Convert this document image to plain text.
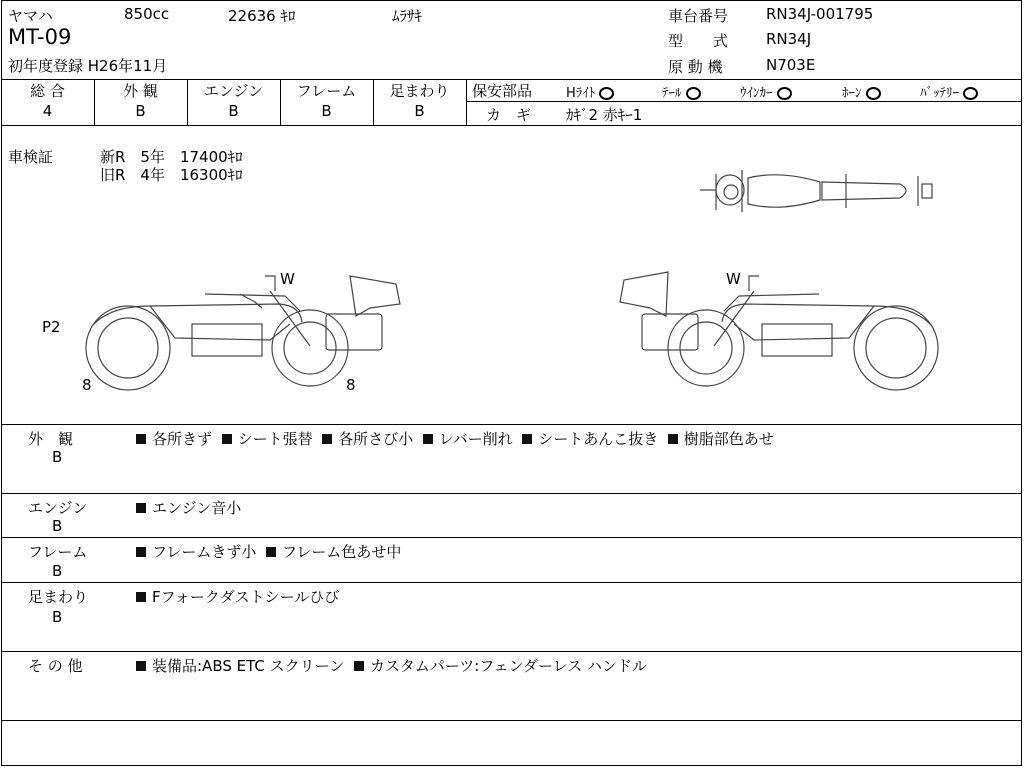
ヤマハ	850cc	22636 ｷﾛ	ﾑﾗｻｷ
MT-09
初年度登録 H26年11月
車台番号	RN34J-001795
型　　式	RN34J
原 動 機	N703E
総 合
4
外 観
B
エンジン
B
フレーム
B
足まわり
B
保安部品	Hﾗｲﾄ	ﾃｰﾙ	ｳｲﾝｶｰ	ﾎｰﾝ	ﾊﾞｯﾃﾘｰ
カ　ギ ｶｷﾞ2 赤ｷｰ1
車検証	新R　5年　17400ｷﾛ
旧R　4年　16300ｷﾛ
W
P2
8	8
W
外　観
B
各所きず シート張替 各所さび小 レバー削れ シートあんこ抜き 樹脂部色あせ
エンジン
B
エンジン音小
フレーム
B
フレームきず小 フレーム色あせ中
足まわり
B
Fフォークダストシールひび
そ の 他	装備品:ABS ETC スクリーン カスタムパーツ:フェンダーレス ハンドル
